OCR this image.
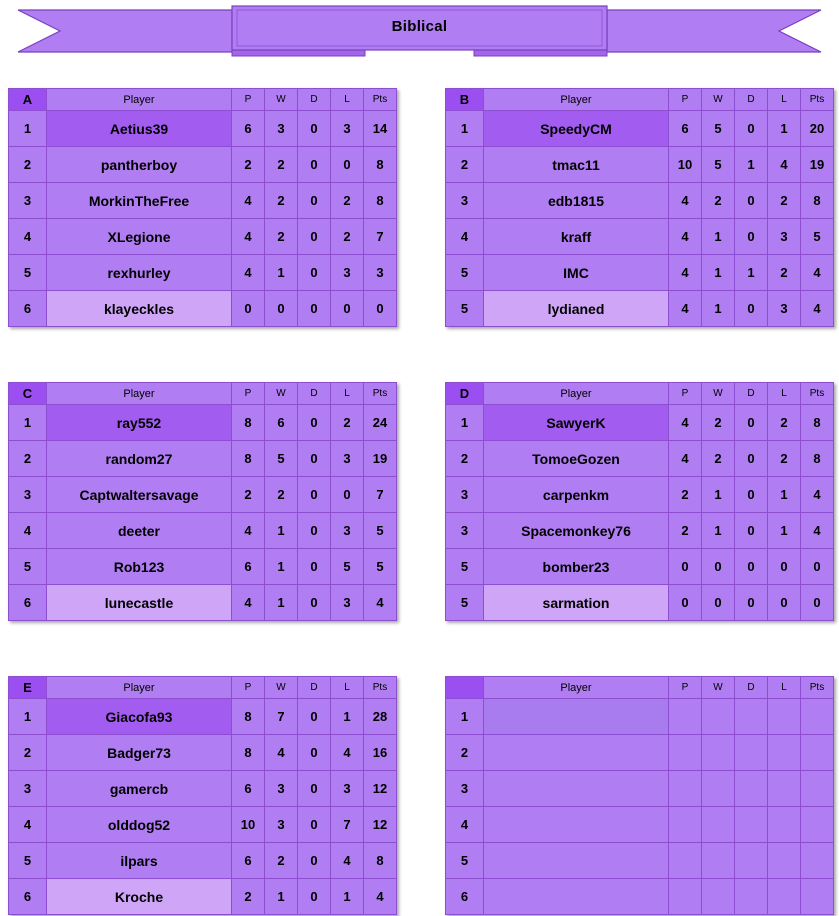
Biblical
A	Player	P	W	D	L	Pts
1	Aetius39	6	3	0	3	14
2	pantherboy	2	2	0	0	8
3	MorkinTheFree	4	2	0	2	8
4	XLegione	4	2	0	2	7
5	rexhurley	4	1	0	3	3
6	klayeckles	0	0	0	0	0
B	Player	P	W	D	L	Pts
1	SpeedyCM	6	5	0	1	20
2	tmac11	10	5	1	4	19
3	edb1815	4	2	0	2	8
4	kraff	4	1	0	3	5
5	IMC	4	1	1	2	4
5	lydianed	4	1	0	3	4
C	Player	P	W	D	L	Pts
1	ray552	8	6	0	2	24
2	random27	8	5	0	3	19
3	Captwaltersavage	2	2	0	0	7
4	deeter	4	1	0	3	5
5	Rob123	6	1	0	5	5
6	lunecastle	4	1	0	3	4
D	Player	P	W	D	L	Pts
1	SawyerK	4	2	0	2	8
2	TomoeGozen	4	2	0	2	8
3	carpenkm	2	1	0	1	4
3	Spacemonkey76	2	1	0	1	4
5	bomber23	0	0	0	0	0
5	sarmation	0	0	0	0	0
E	Player	P	W	D	L	Pts
1	Giacofa93	8	7	0	1	28
2	Badger73	8	4	0	4	16
3	gamercb	6	3	0	3	12
4	olddog52	10	3	0	7	12
5	ilpars	6	2	0	4	8
6	Kroche	2	1	0	1	4
	Player	P	W	D	L	Pts
1						
2						
3						
4						
5						
6						
